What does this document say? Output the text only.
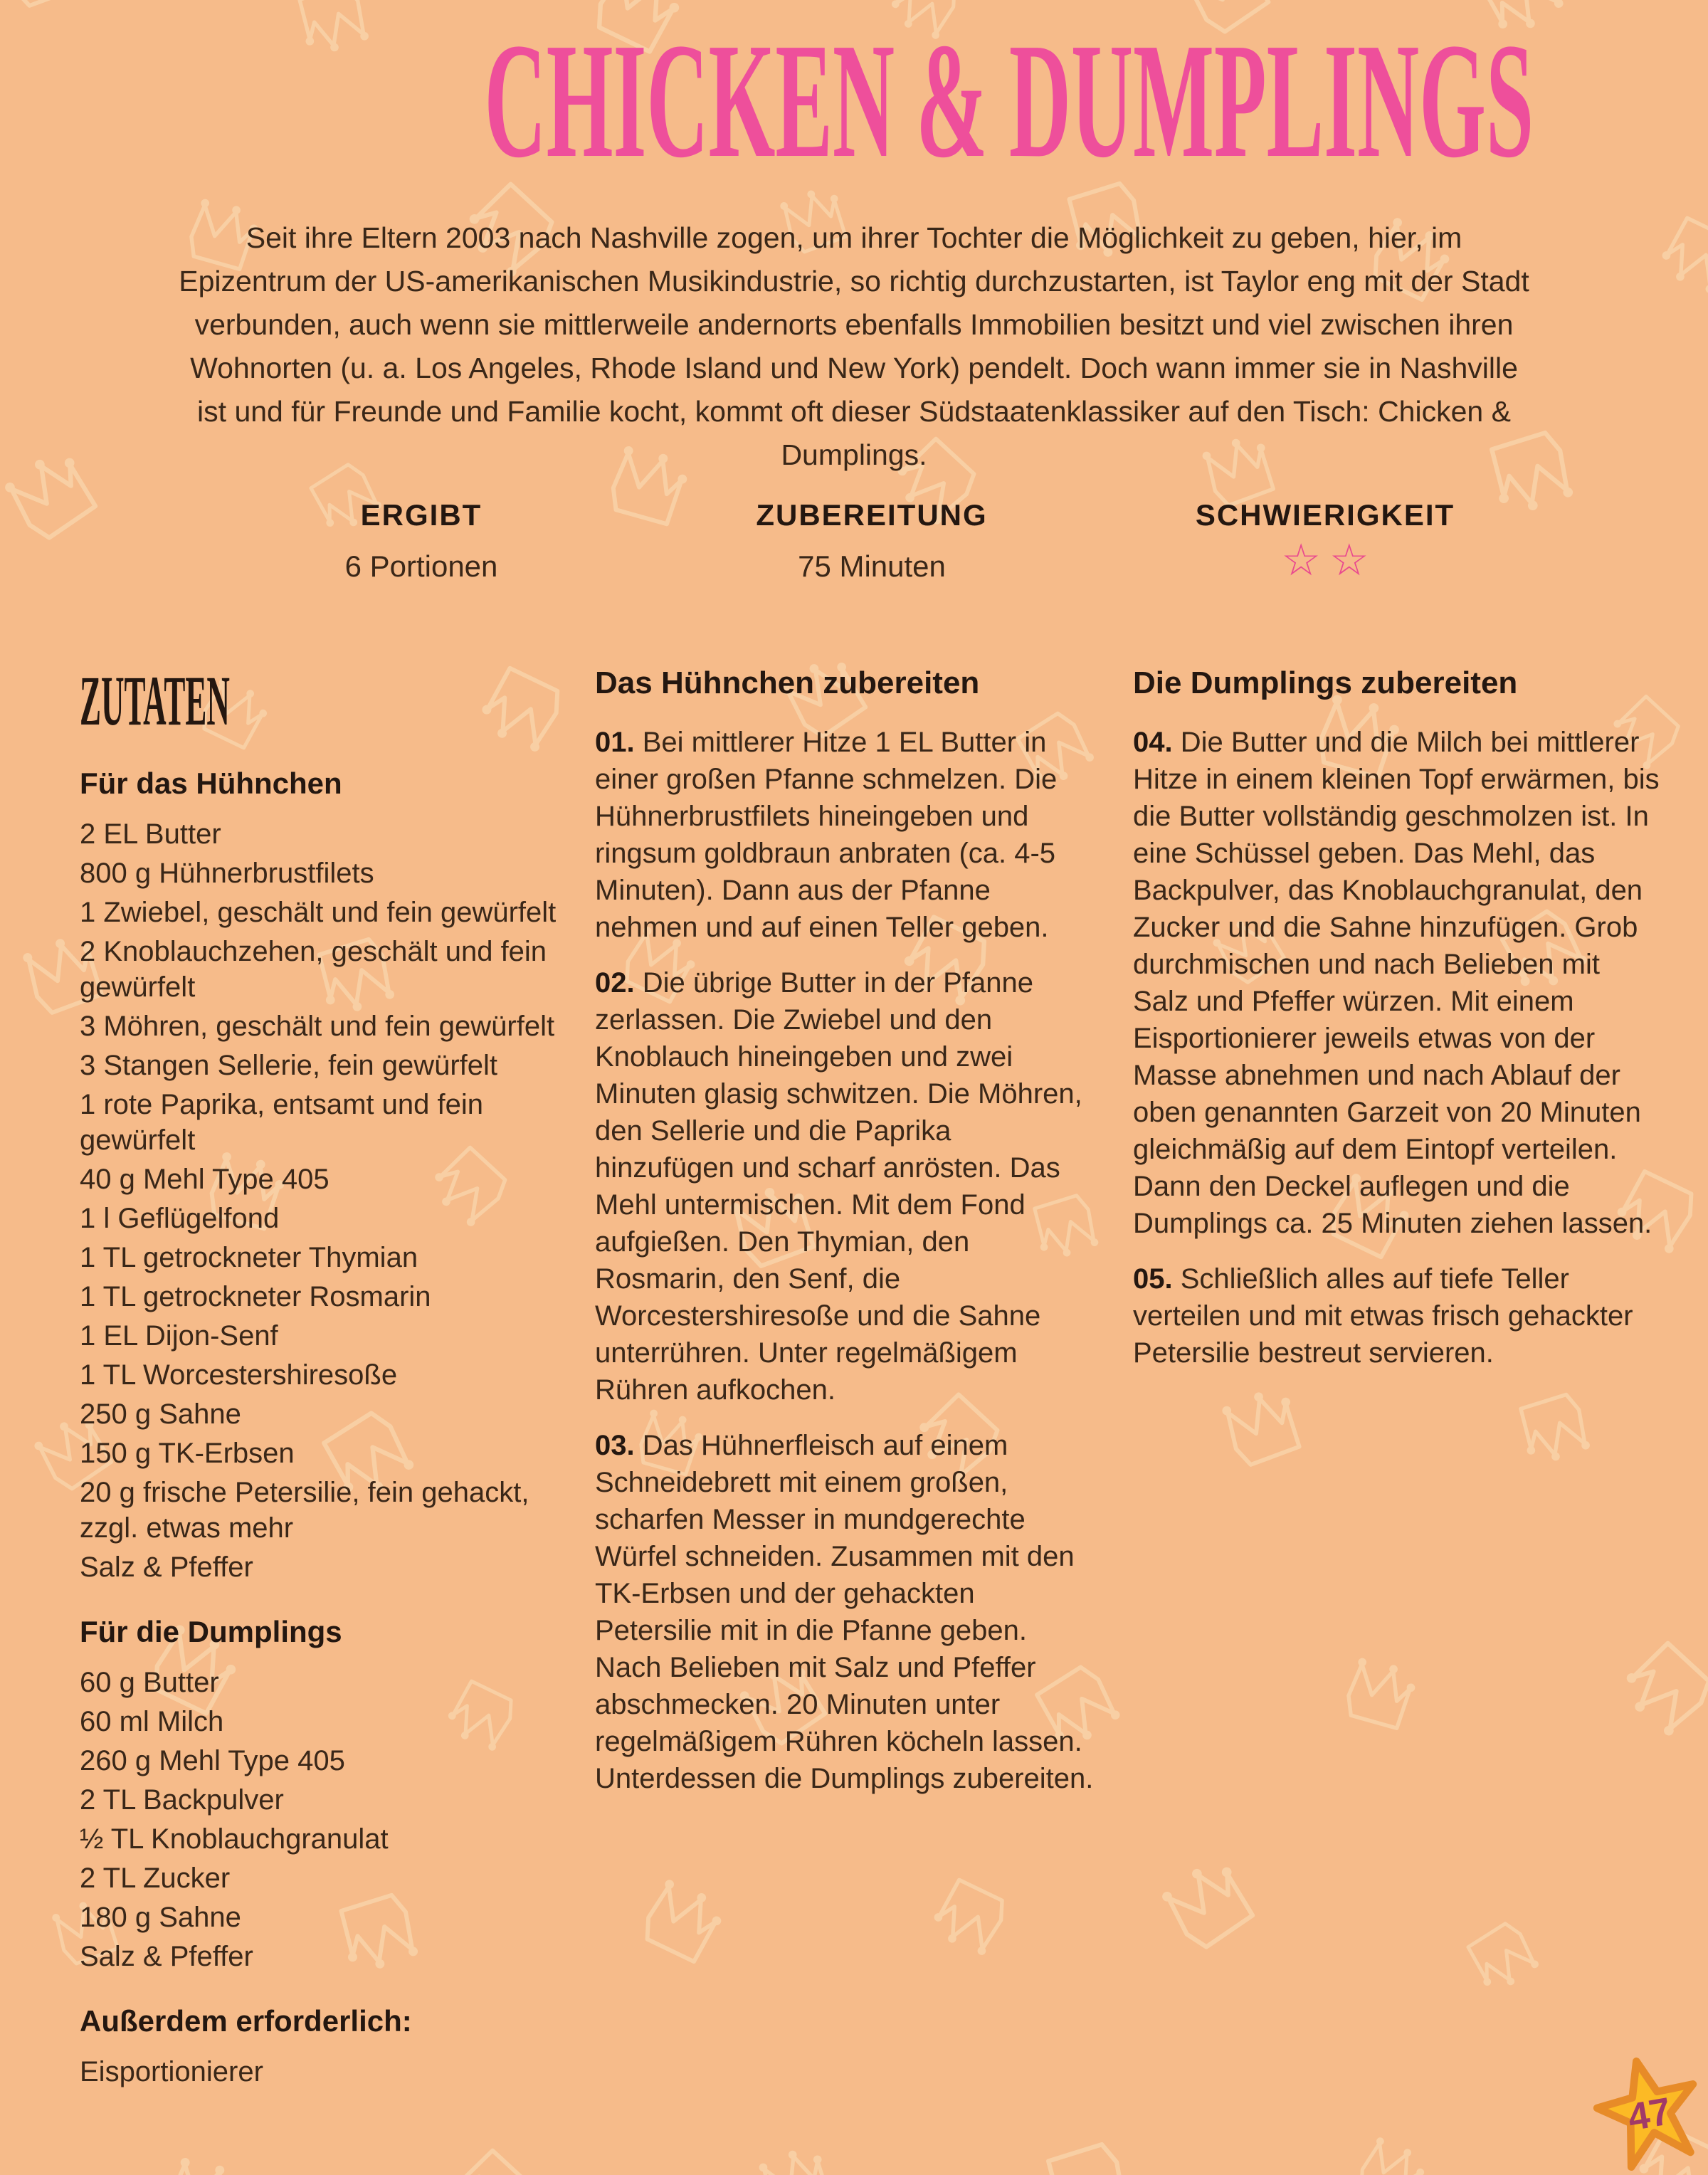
CHICKEN & DUMPLINGS

Seit ihre Eltern 2003 nach Nashville zogen, um ihrer Tochter die Möglichkeit zu geben, hier, im Epizentrum der US-amerikanischen Musikindustrie, so richtig durchzustarten, ist Taylor eng mit der Stadt verbunden, auch wenn sie mittlerweile andernorts ebenfalls Immobilien besitzt und viel zwischen ihren Wohnorten (u. a. Los Angeles, Rhode Island und New York) pendelt. Doch wann immer sie in Nashville ist und für Freunde und Familie kocht, kommt oft dieser Südstaatenklassiker auf den Tisch: Chicken & Dumplings.

ERGIBT
6 Portionen
ZUBEREITUNG
75 Minuten
SCHWIERIGKEIT
☆☆
ZUTATEN
Für das Hühnchen
2 EL Butter
800 g Hühnerbrustfilets
1 Zwiebel, geschält und fein gewürfelt
2 Knoblauchzehen, geschält und fein gewürfelt
3 Möhren, geschält und fein gewürfelt
3 Stangen Sellerie, fein gewürfelt
1 rote Paprika, entsamt und fein gewürfelt
40 g Mehl Type 405
1 l Geflügelfond
1 TL getrockneter Thymian
1 TL getrockneter Rosmarin
1 EL Dijon-Senf
1 TL Worcestershiresoße
250 g Sahne
150 g TK-Erbsen
20 g frische Petersilie, fein gehackt, zzgl. etwas mehr
Salz & Pfeffer
Für die Dumplings
60 g Butter
60 ml Milch
260 g Mehl Type 405
2 TL Backpulver
½ TL Knoblauchgranulat
2 TL Zucker
180 g Sahne
Salz & Pfeffer
Außerdem erforderlich:
Eisportionierer
Das Hühnchen zubereiten

01. Bei mittlerer Hitze 1 EL Butter in einer großen Pfanne schmelzen. Die Hühnerbrustfilets hineingeben und ringsum goldbraun anbraten (ca. 4-5 Minuten). Dann aus der Pfanne nehmen und auf einen Teller geben.

02. Die übrige Butter in der Pfanne zerlassen. Die Zwiebel und den Knoblauch hineingeben und zwei Minuten glasig schwitzen. Die Möhren, den Sellerie und die Paprika hinzufügen und scharf anrösten. Das Mehl untermischen. Mit dem Fond aufgießen. Den Thymian, den Rosmarin, den Senf, die Worcestershiresoße und die Sahne unterrühren. Unter regelmäßigem Rühren aufkochen.

03. Das Hühnerfleisch auf einem Schneidebrett mit einem großen, scharfen Messer in mundgerechte Würfel schneiden. Zusammen mit den TK-Erbsen und der gehackten Petersilie mit in die Pfanne geben. Nach Belieben mit Salz und Pfeffer abschmecken. 20 Minuten unter regelmäßigem Rühren köcheln lassen. Unterdessen die Dumplings zubereiten.

Die Dumplings zubereiten

04. Die Butter und die Milch bei mittlerer Hitze in einem kleinen Topf erwärmen, bis die Butter vollständig geschmolzen ist. In eine Schüssel geben. Das Mehl, das Backpulver, das Knoblauchgranulat, den Zucker und die Sahne hinzufügen. Grob durchmischen und nach Belieben mit Salz und Pfeffer würzen. Mit einem Eisportionierer jeweils etwas von der Masse abnehmen und nach Ablauf der oben genannten Garzeit von 20 Minuten gleichmäßig auf dem Eintopf verteilen. Dann den Deckel auflegen und die Dumplings ca. 25 Minuten ziehen lassen.

05. Schließlich alles auf tiefe Teller verteilen und mit etwas frisch gehackter Petersilie bestreut servieren.

47
